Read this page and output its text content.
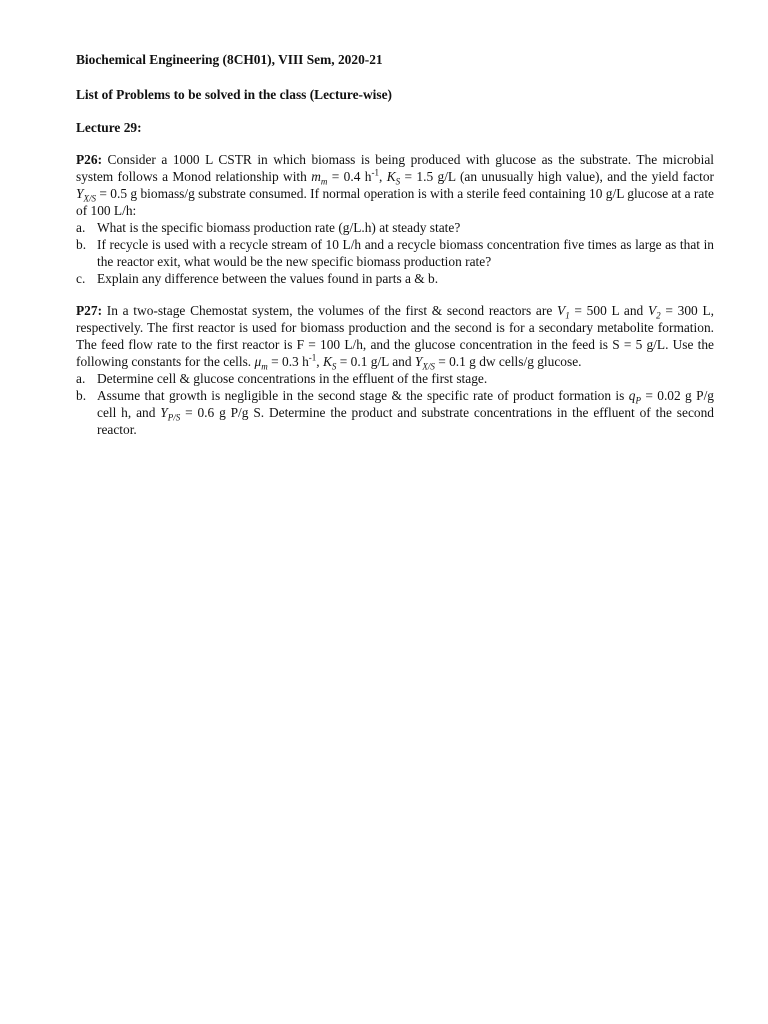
Biochemical Engineering (8CH01), VIII Sem, 2020-21
List of Problems to be solved in the class (Lecture-wise)
Lecture 29:

P26: Consider a 1000 L CSTR in which biomass is being produced with glucose as the substrate. The microbial system follows a Monod relationship with $m_m = 0.4$ $h^{-1}$, $K_S = 1.5$ g/L (an unusually high value), and the yield factor $Y_{X/S} = 0.5$ g biomass/g substrate consumed. If normal operation is with a sterile feed containing 10 g/L glucose at a rate of 100 L/h:

a. What is the specific biomass production rate (g/L.h) at steady state?
b. If recycle is used with a recycle stream of 10 L/h and a recycle biomass concentration five times as large as that in the reactor exit, what would be the new specific biomass production rate?
c. Explain any difference between the values found in parts a & b.

P27: In a two-stage Chemostat system, the volumes of the first & second reactors are $V_1 = 500$ L and $V_2 = 300$ L, respectively. The first reactor is used for biomass production and the second is for a secondary metabolite formation. The feed flow rate to the first reactor is F = 100 L/h, and the glucose concentration in the feed is S = 5 g/L. Use the following constants for the cells. $\mu_m = 0.3$ $h^{-1}$, $K_S = 0.1$ g/L and $Y_{X/S} = 0.1$ g dw cells/g glucose.

a. Determine cell & glucose concentrations in the effluent of the first stage.
b. Assume that growth is negligible in the second stage & the specific rate of product formation is $q_P = 0.02$ g P/g cell h, and $Y_{P/S} = 0.6$ g P/g S. Determine the product and substrate concentrations in the effluent of the second reactor.
